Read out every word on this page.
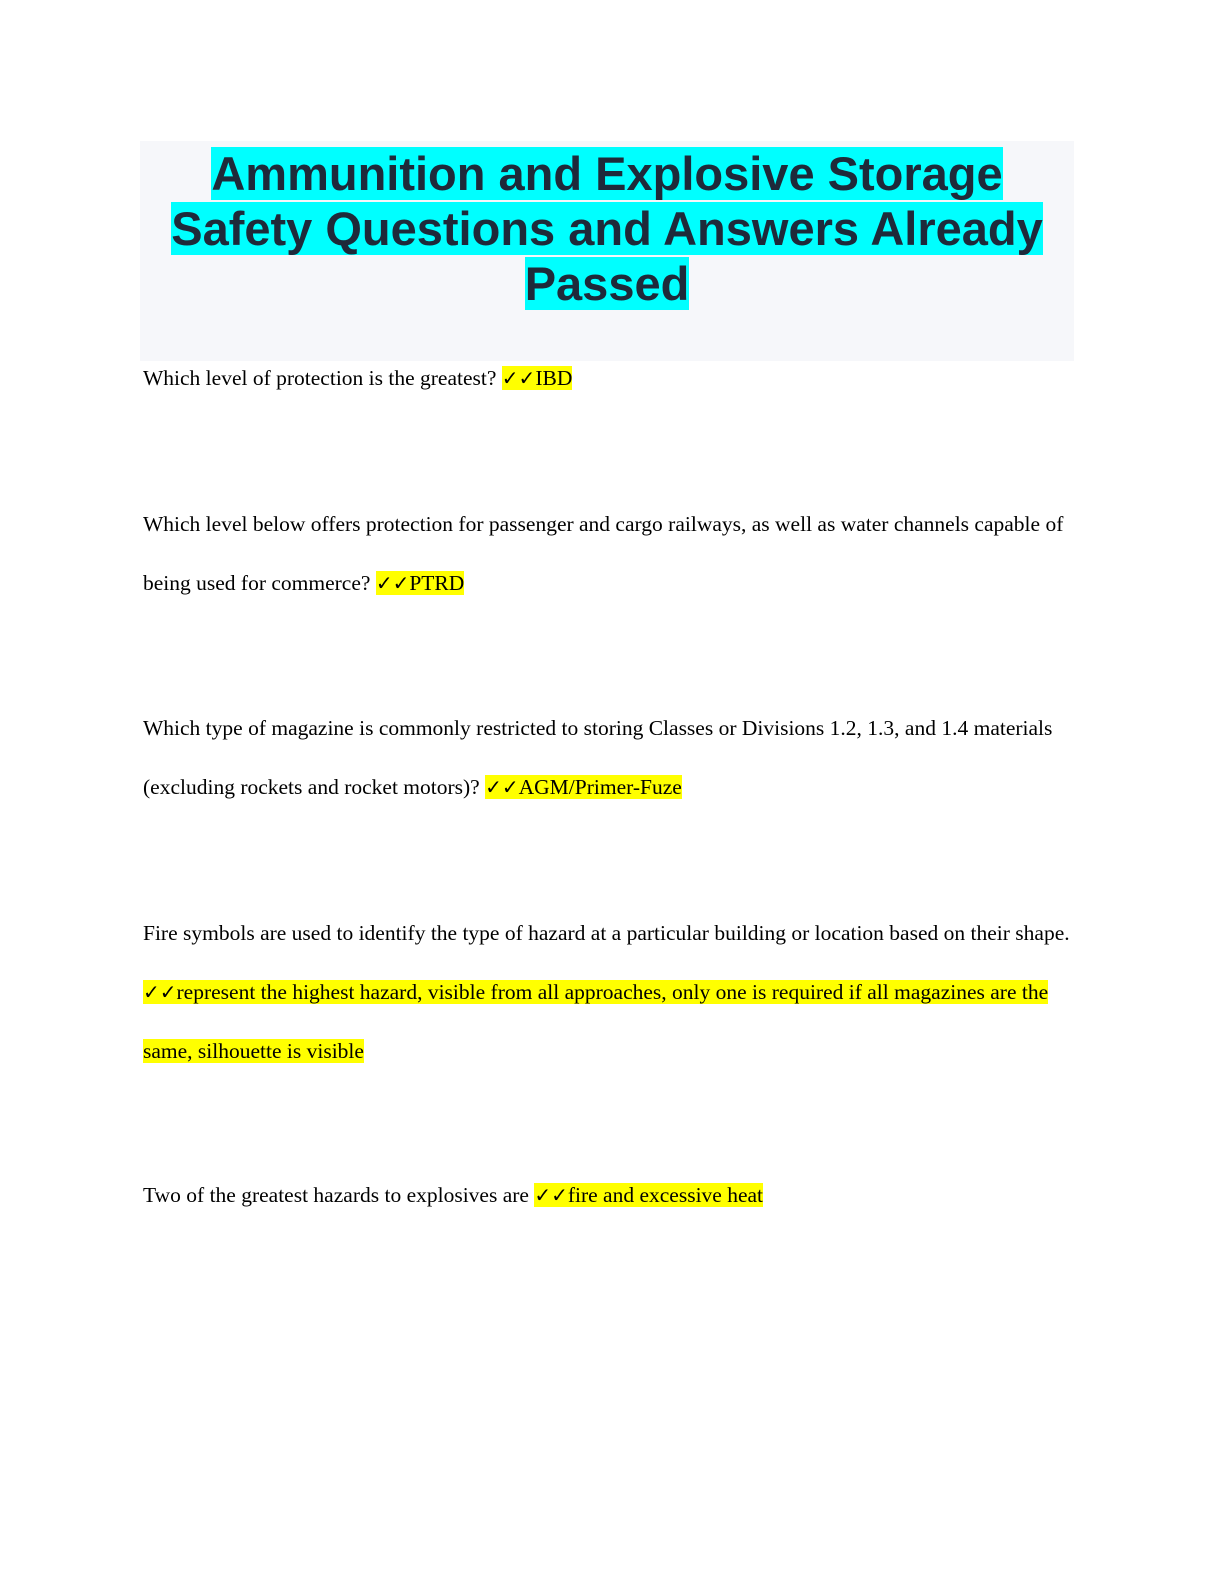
Ammunition and Explosive Storage Safety Questions and Answers Already Passed

Which level of protection is the greatest? ✓✓IBD

Which level below offers protection for passenger and cargo railways, as well as water channels capable of being used for commerce? ✓✓PTRD

Which type of magazine is commonly restricted to storing Classes or Divisions 1.2, 1.3, and 1.4 materials (excluding rockets and rocket motors)? ✓✓AGM/Primer-Fuze

Fire symbols are used to identify the type of hazard at a particular building or location based on their shape. ✓✓represent the highest hazard, visible from all approaches, only one is required if all magazines are the same, silhouette is visible

Two of the greatest hazards to explosives are ✓✓fire and excessive heat
